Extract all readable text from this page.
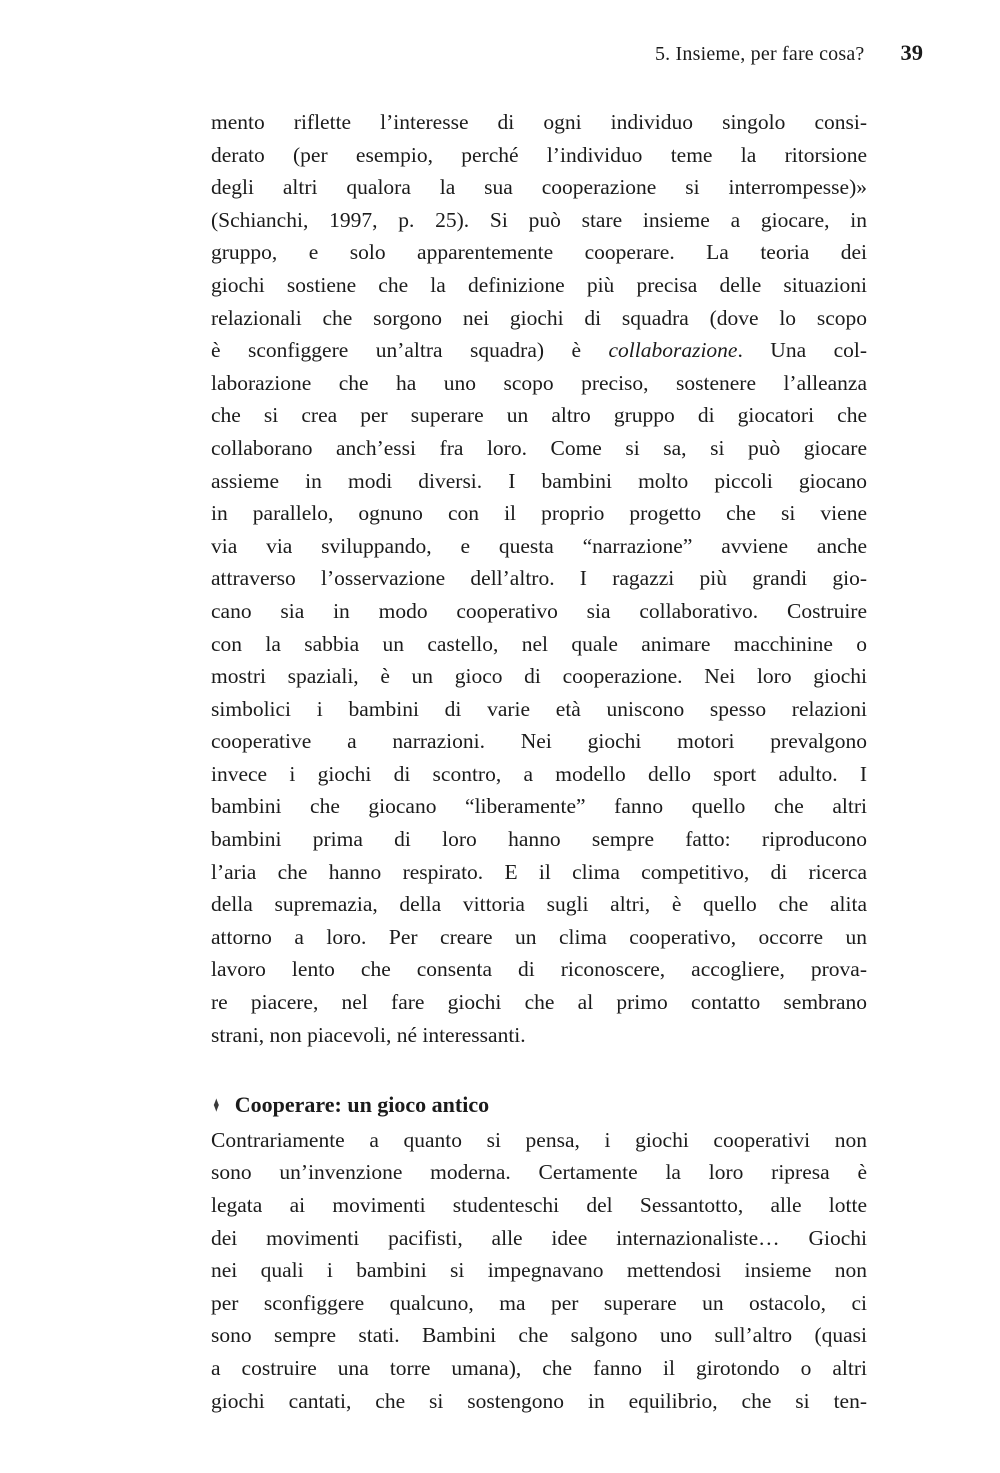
5. Insieme, per fare cosa? 39
mento riflette l’interesse di ogni individuo singolo consi-
derato (per esempio, perché l’individuo teme la ritorsione
degli altri qualora la sua cooperazione si interrompesse)»
(Schianchi, 1997, p. 25). Si può stare insieme a giocare, in
gruppo, e solo apparentemente cooperare. La teoria dei
giochi sostiene che la definizione più precisa delle situazioni
relazionali che sorgono nei giochi di squadra (dove lo scopo
è sconfiggere un’altra squadra) è collaborazione. Una col-
laborazione che ha uno scopo preciso, sostenere l’alleanza
che si crea per superare un altro gruppo di giocatori che
collaborano anch’essi fra loro. Come si sa, si può giocare
assieme in modi diversi. I bambini molto piccoli giocano
in parallelo, ognuno con il proprio progetto che si viene
via via sviluppando, e questa “narrazione” avviene anche
attraverso l’osservazione dell’altro. I ragazzi più grandi gio-
cano sia in modo cooperativo sia collaborativo. Costruire
con la sabbia un castello, nel quale animare macchinine o
mostri spaziali, è un gioco di cooperazione. Nei loro giochi
simbolici i bambini di varie età uniscono spesso relazioni
cooperative a narrazioni. Nei giochi motori prevalgono
invece i giochi di scontro, a modello dello sport adulto. I
bambini che giocano “liberamente” fanno quello che altri
bambini prima di loro hanno sempre fatto: riproducono
l’aria che hanno respirato. E il clima competitivo, di ricerca
della supremazia, della vittoria sugli altri, è quello che alita
attorno a loro. Per creare un clima cooperativo, occorre un
lavoro lento che consenta di riconoscere, accogliere, prova-
re piacere, nel fare giochi che al primo contatto sembrano
strani, non piacevoli, né interessanti.
♦ Cooperare: un gioco antico
Contrariamente a quanto si pensa, i giochi cooperativi non
sono un’invenzione moderna. Certamente la loro ripresa è
legata ai movimenti studenteschi del Sessantotto, alle lotte
dei movimenti pacifisti, alle idee internazionaliste… Giochi
nei quali i bambini si impegnavano mettendosi insieme non
per sconfiggere qualcuno, ma per superare un ostacolo, ci
sono sempre stati. Bambini che salgono uno sull’altro (quasi
a costruire una torre umana), che fanno il girotondo o altri
giochi cantati, che si sostengono in equilibrio, che si ten-
